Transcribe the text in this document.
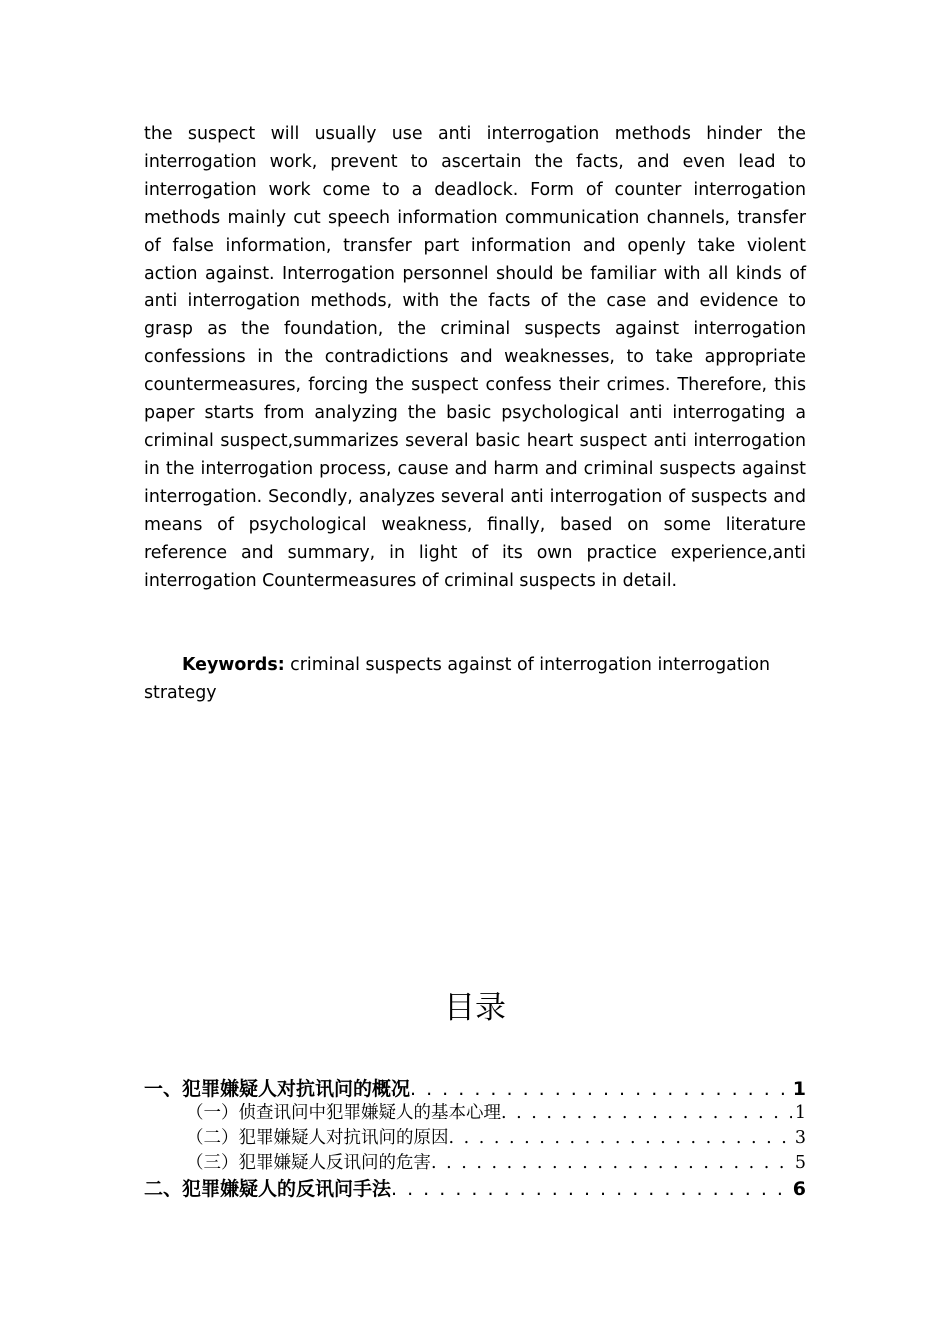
the suspect will usually use anti interrogation methods hinder the interrogation work, prevent to ascertain the facts, and even lead to interrogation work come to a deadlock. Form of counter interrogation methods mainly cut speech information communication channels, transfer of false information, transfer part information and openly take violent action against. Interrogation personnel should be familiar with all kinds of anti interrogation methods, with the facts of the case and evidence to grasp as the foundation, the criminal suspects against interrogation confessions in the contradictions and weaknesses, to take appropriate countermeasures, forcing the suspect confess their crimes. Therefore, this paper starts from analyzing the basic psychological anti interrogating a criminal suspect,summarizes several basic heart suspect anti interrogation in the interrogation process, cause and harm and criminal suspects against interrogation. Secondly, analyzes several anti interrogation of suspects and means of psychological weakness, finally, based on some literature reference and summary, in light of its own practice experience,anti interrogation Countermeasures of criminal suspects in detail.

Keywords: criminal suspects against of interrogation interrogation strategy

目录
一、犯罪嫌疑人对抗讯问的概况 . . .	1
（一）侦查讯问中犯罪嫌疑人的基本心理 . . .	1
（二）犯罪嫌疑人对抗讯问的原因 . . .	3
（三）犯罪嫌疑人反讯问的危害 . . .	5
二、犯罪嫌疑人的反讯问手法 . . .	6
